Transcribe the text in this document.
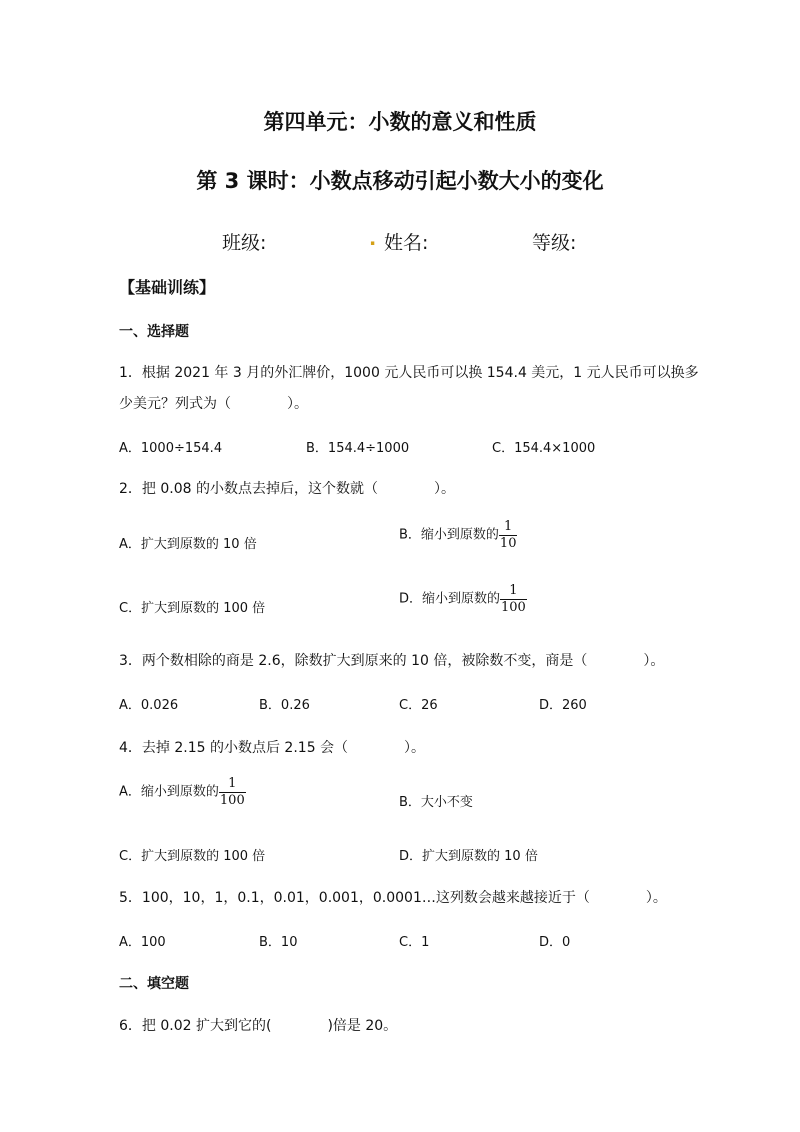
第四单元：小数的意义和性质
第 3 课时：小数点移动引起小数大小的变化
班级:	. 姓名:	等级:
【基础训练】
一、选择题
1．根据 2021 年 3 月的外汇牌价，1000 元人民币可以换 154.4 美元，1 元人民币可以换多
少美元？列式为（　　　　）。
A．1000÷154.4	B．154.4÷1000	C．154.4×1000
2．把 0.08 的小数点去掉后，这个数就（　　　　）。
A．扩大到原数的 10 倍
B．缩小到原数的 $\frac{1}{10}$
C．扩大到原数的 100 倍
D．缩小到原数的 $\frac{1}{100}$
3．两个数相除的商是 2.6，除数扩大到原来的 10 倍，被除数不变，商是（　　　　）。
A．0.026	B．0.26	C．26	D．260
4．去掉 2.15 的小数点后 2.15 会（　　　　）。
A．缩小到原数的 $\frac{1}{100}$	B．大小不变
C．扩大到原数的 100 倍	D．扩大到原数的 10 倍
5．100，10，1，0.1，0.01，0.001，0.0001…这列数会越来越接近于（　　　　）。
A．100	B．10	C．1	D．0
二、填空题
6．把 0.02 扩大到它的(　　　　)倍是 20。
